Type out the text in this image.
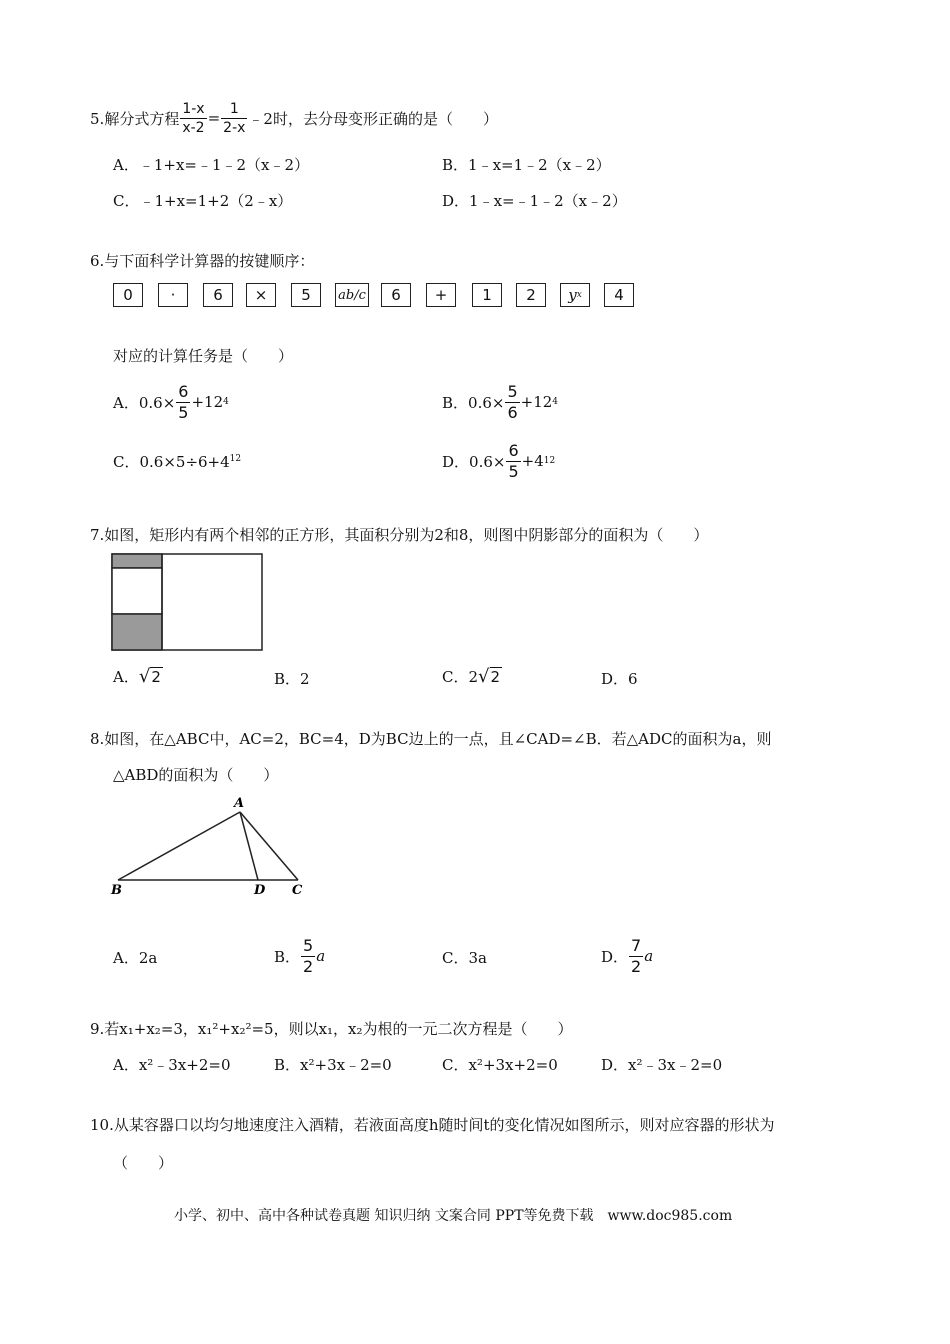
5.解分式方程 $\frac{1-x}{x-2} = \frac{1}{2-x}$ ﹣2时，去分母变形正确的是（　　）
A．﹣1+x=﹣1﹣2（x﹣2）	B．1﹣x=1﹣2（x﹣2）
C．﹣1+x=1+2（2﹣x）	D．1﹣x=﹣1﹣2（x﹣2）
6.与下面科学计算器的按键顺序：
0	·	6	×	5	ab/c	6	+	1	2	y x	4
对应的计算任务是（　　）
A．$0.6\times \frac{6}{5} +12$ 4	B．$0.6\times \frac{5}{6} +12$ 4
C．$0.6\times 5\div 6+4^{12}$	D．$0.6\times \frac{6}{5} +4$ 12
7.如图，矩形内有两个相邻的正方形，其面积分别为2和8，则图中阴影部分的面积为（　　）
A． √2	B．2	C．2 √2	D．6
8.如图，在△ABC中，AC=2，BC=4，D为BC边上的一点，且∠CAD=∠B．若△ADC的面积为a，则
△ABD的面积为（　　）
A
B	D C
A．2a	B． $\frac{5}{2}$ a	C．3a	D． $\frac{7}{2}$ a
9.若x₁+x₂=3，x₁²+x₂²=5，则以x₁，x₂为根的一元二次方程是（　　）
A．x²﹣3x+2=0	B．x²+3x﹣2=0	C．x²+3x+2=0	D．x²﹣3x﹣2=0
10.从某容器口以均匀地速度注入酒精，若液面高度h随时间t的变化情况如图所示，则对应容器的形状为
（　　）
小学、初中、高中各种试卷真题 知识归纳 文案合同 PPT等免费下载　www.doc985.com
